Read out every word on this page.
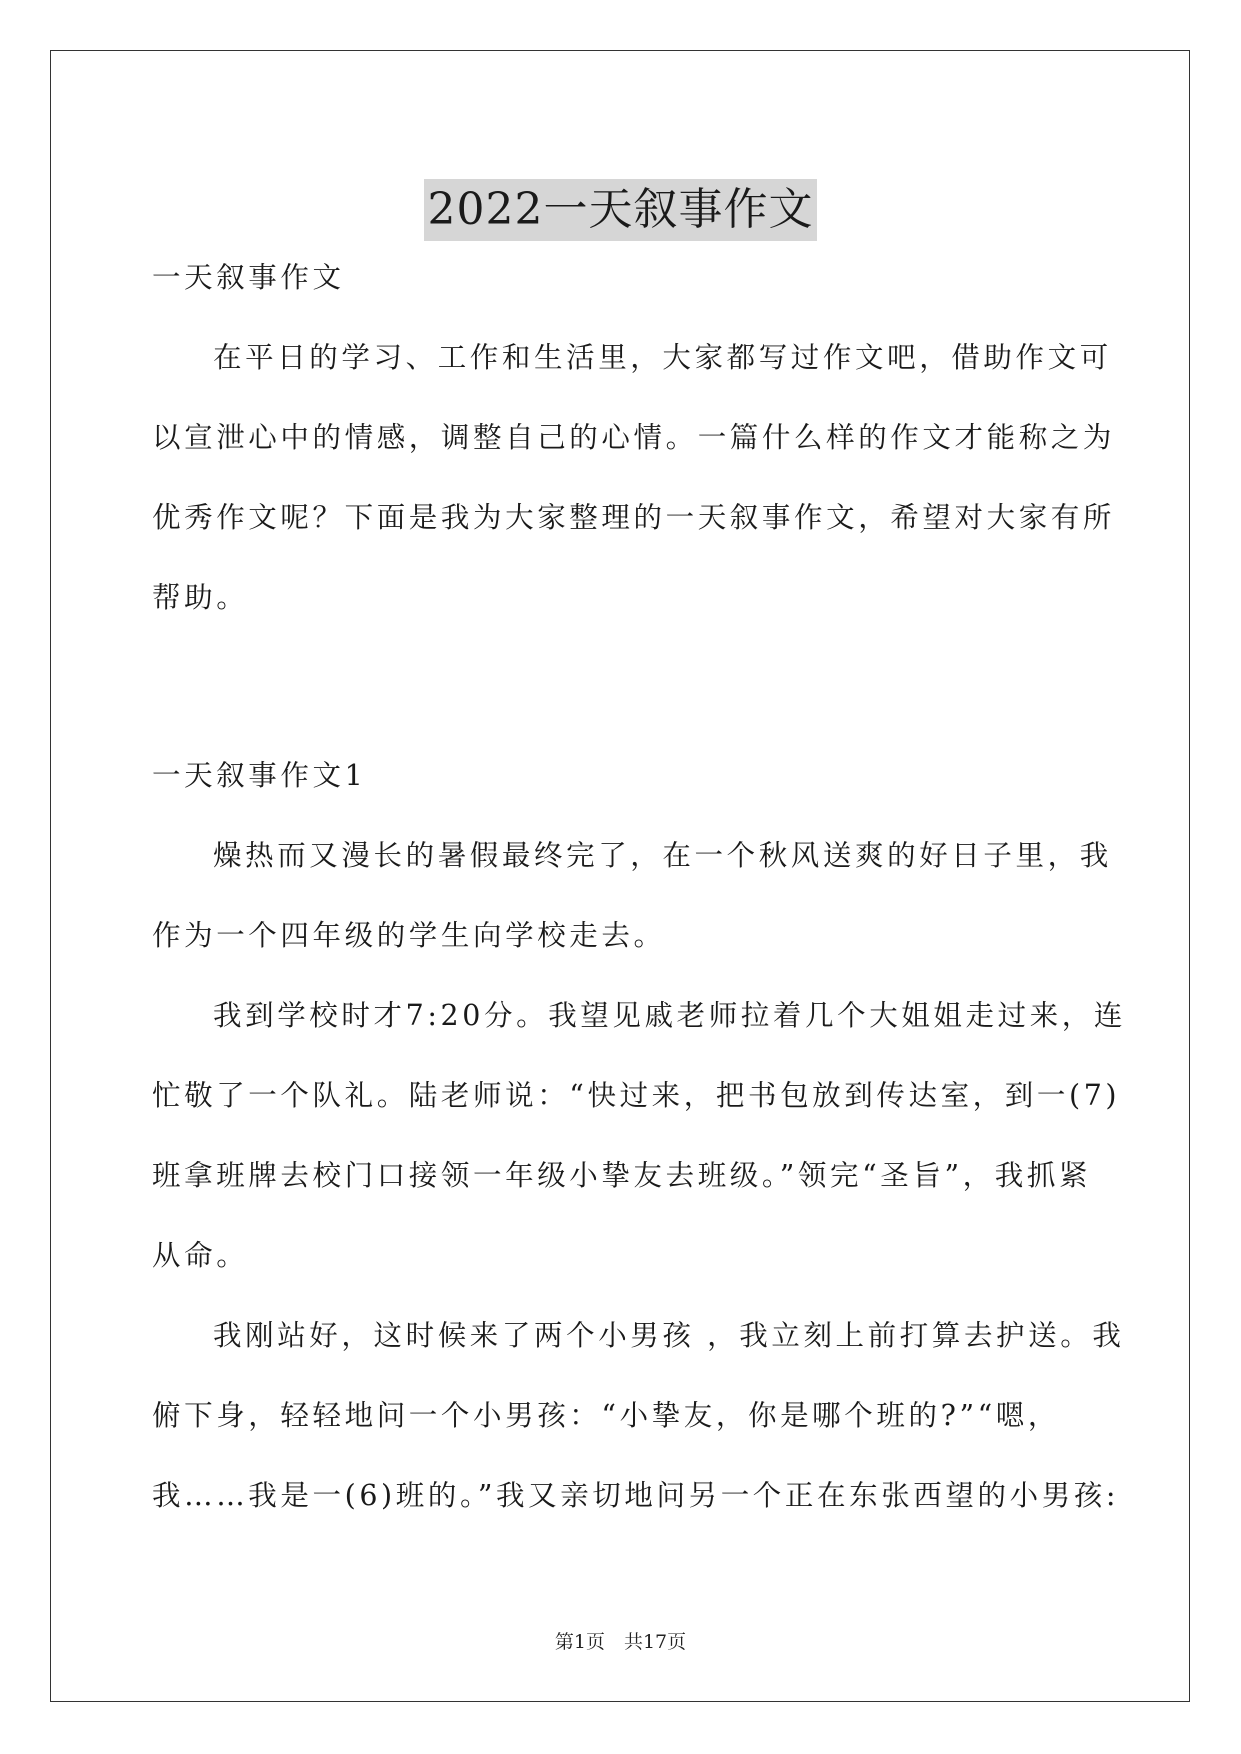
2022一天叙事作文

一天叙事作文

在平日的学习、工作和生活里，大家都写过作文吧，借助作文可

以宣泄心中的情感，调整自己的心情。一篇什么样的作文才能称之为

优秀作文呢？下面是我为大家整理的一天叙事作文，希望对大家有所

帮助。

一天叙事作文1

燥热而又漫长的暑假最终完了，在一个秋风送爽的好日子里，我

作为一个四年级的学生向学校走去。

我到学校时才7:20分。我望见戚老师拉着几个大姐姐走过来，连

忙敬了一个队礼。陆老师说：“快过来，把书包放到传达室，到一(7)

班拿班牌去校门口接领一年级小挚友去班级。”领完“圣旨”，我抓紧

从命。

我刚站好，这时候来了两个小男孩 ，我立刻上前打算去护送。我

俯下身，轻轻地问一个小男孩：“小挚友，你是哪个班的?”“嗯，

我……我是一(6)班的。”我又亲切地问另一个正在东张西望的小男孩:

第1页　共17页
